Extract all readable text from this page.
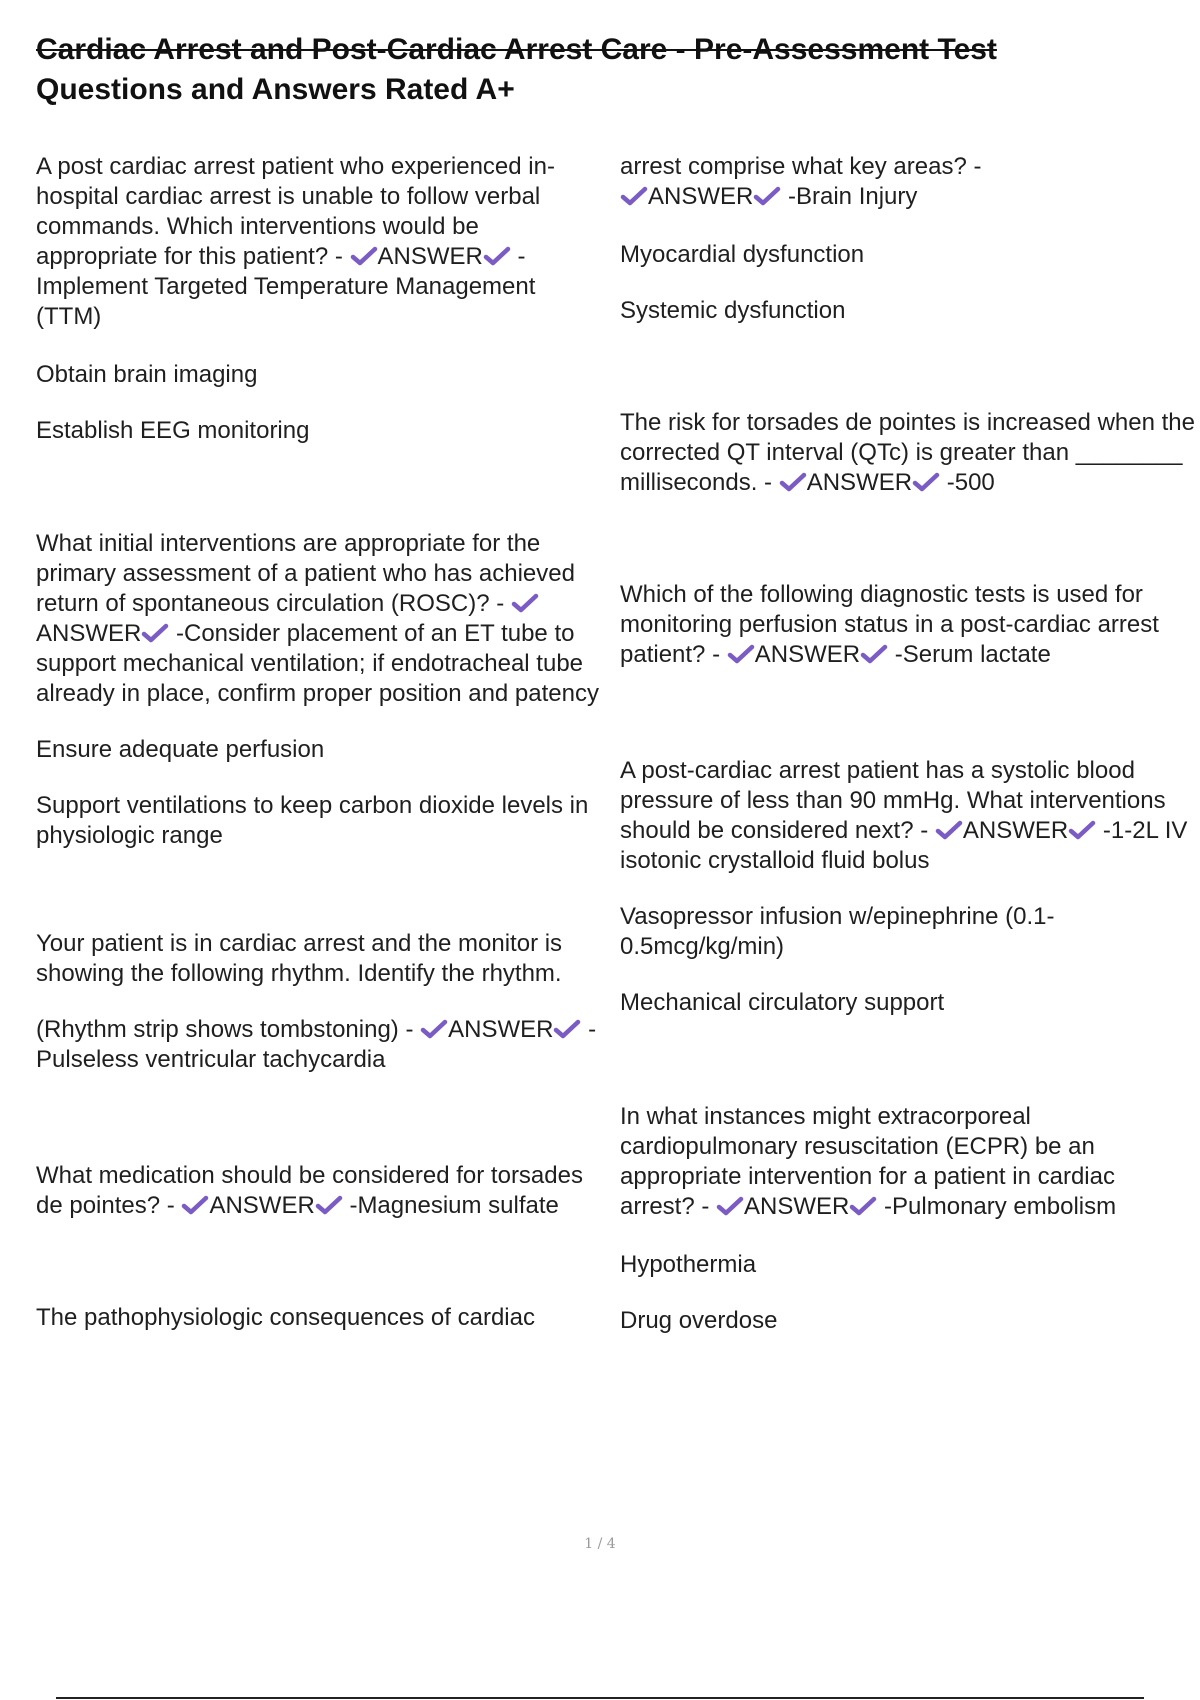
Cardiac Arrest and Post-Cardiac Arrest Care - Pre-Assessment Test
Questions and Answers Rated A+

A post cardiac arrest patient who experienced in-hospital cardiac arrest is unable to follow verbal commands. Which interventions would be appropriate for this patient? -
ANSWER
-Implement Targeted Temperature Management (TTM)

Obtain brain imaging

Establish EEG monitoring

What initial interventions are appropriate for the primary assessment of a patient who has achieved return of spontaneous circulation (ROSC)? -
ANSWER
-Consider placement of an ET tube to support mechanical ventilation; if endotracheal tube already in place, confirm proper position and patency

Ensure adequate perfusion

Support ventilations to keep carbon dioxide levels in physiologic range

Your patient is in cardiac arrest and the monitor is showing the following rhythm. Identify the rhythm.

(Rhythm strip shows tombstoning) -
ANSWER
-Pulseless ventricular tachycardia

What medication should be considered for torsades de pointes? -
ANSWER
-Magnesium sulfate

The pathophysiologic consequences of cardiac

arrest comprise what key areas? -

ANSWER
-Brain Injury

Myocardial dysfunction

Systemic dysfunction

The risk for torsades de pointes is increased when the corrected QT interval (QTc) is greater than ________ milliseconds. -
ANSWER
-500

Which of the following diagnostic tests is used for monitoring perfusion status in a post-cardiac arrest patient? -
ANSWER
-Serum lactate

A post-cardiac arrest patient has a systolic blood pressure of less than 90 mmHg. What interventions should be considered next? -
ANSWER
-1-2L IV isotonic crystalloid fluid bolus

Vasopressor infusion w/epinephrine (0.1-0.5mcg/kg/min)

Mechanical circulatory support

In what instances might extracorporeal cardiopulmonary resuscitation (ECPR) be an appropriate intervention for a patient in cardiac arrest? -
ANSWER
-Pulmonary embolism

Hypothermia

Drug overdose

1 / 4
